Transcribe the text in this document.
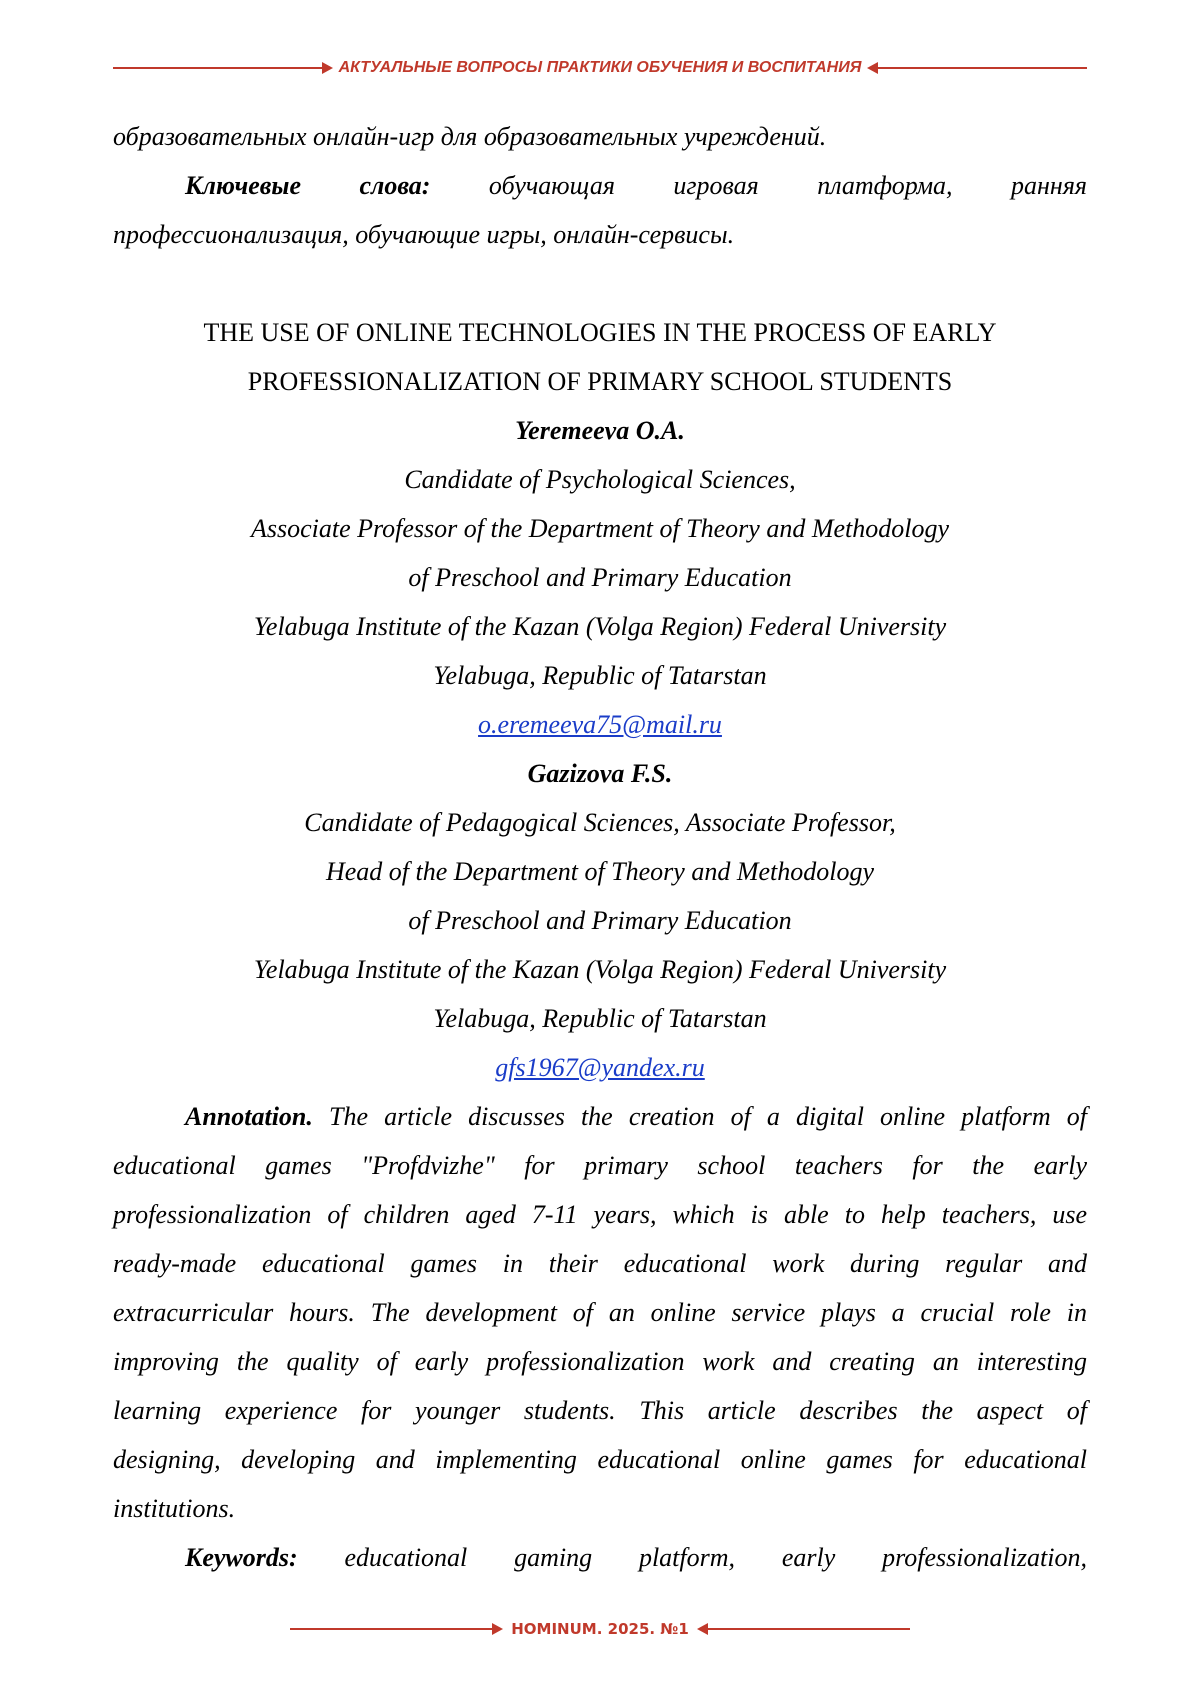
АКТУАЛЬНЫЕ ВОПРОСЫ ПРАКТИКИ ОБУЧЕНИЯ И ВОСПИТАНИЯ
образовательных онлайн-игр для образовательных учреждений.
Ключевые слова: обучающая игровая платформа, ранняя
профессионализация, обучающие игры, онлайн-сервисы.
THE USE OF ONLINE TECHNOLOGIES IN THE PROCESS OF EARLY
PROFESSIONALIZATION OF PRIMARY SCHOOL STUDENTS
Yeremeeva O.A.
Candidate of Psychological Sciences,
Associate Professor of the Department of Theory and Methodology
of Preschool and Primary Education
Yelabuga Institute of the Kazan (Volga Region) Federal University
Yelabuga, Republic of Tatarstan
o.eremeeva75@mail.ru
Gazizova F.S.
Candidate of Pedagogical Sciences, Associate Professor,
Head of the Department of Theory and Methodology
of Preschool and Primary Education
Yelabuga Institute of the Kazan (Volga Region) Federal University
Yelabuga, Republic of Tatarstan
gfs1967@yandex.ru
Annotation. The article discusses the creation of a digital online platform of
educational games "Profdvizhe" for primary school teachers for the early
professionalization of children aged 7-11 years, which is able to help teachers, use
ready-made educational games in their educational work during regular and
extracurricular hours. The development of an online service plays a crucial role in
improving the quality of early professionalization work and creating an interesting
learning experience for younger students. This article describes the aspect of
designing, developing and implementing educational online games for educational
institutions.
Keywords: educational gaming platform, early professionalization,
HOMINUM. 2025. №1
